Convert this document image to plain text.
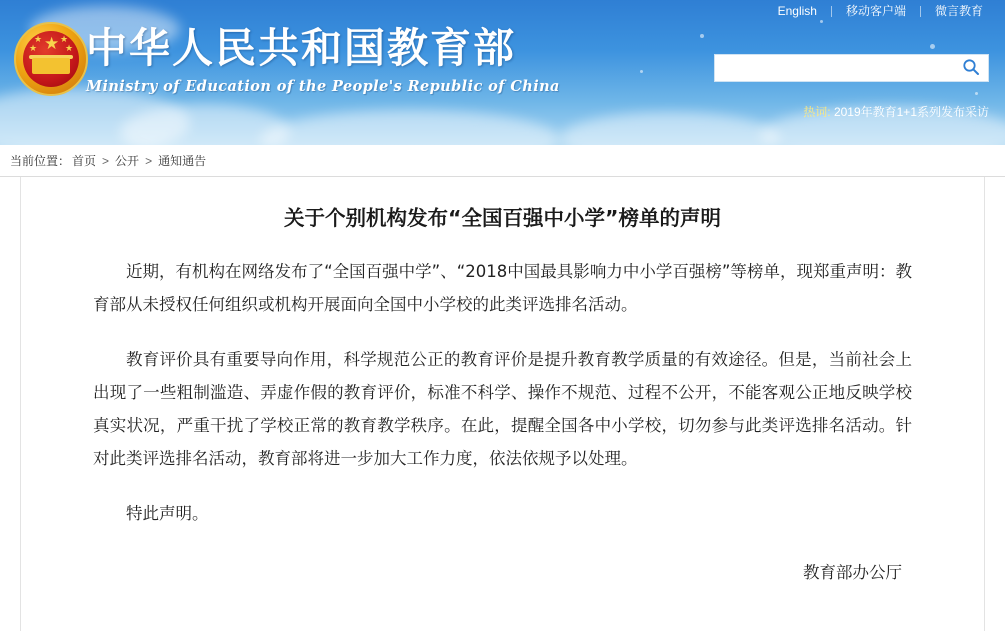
English	移动客户端	微言教育
★
★
★ ★
★ 中华人民共和国教育部
Ministry of Education of the People's Republic of China
热词: 2019年教育1+1系列发布采访
当前位置： 首页 > 公开 > 通知通告
关于个别机构发布“全国百强中小学”榜单的声明

近期，有机构在网络发布了“全国百强中学”、“2018中国最具影响力中小学百强榜”等榜单，现郑重声明：教育部从未授权任何组织或机构开展面向全国中小学校的此类评选排名活动。

教育评价具有重要导向作用，科学规范公正的教育评价是提升教育教学质量的有效途径。但是，当前社会上出现了一些粗制滥造、弄虚作假的教育评价，标准不科学、操作不规范、过程不公开，不能客观公正地反映学校真实状况，严重干扰了学校正常的教育教学秩序。在此，提醒全国各中小学校，切勿参与此类评选排名活动。针对此类评选排名活动，教育部将进一步加大工作力度，依法依规予以处理。

特此声明。

教育部办公厅
